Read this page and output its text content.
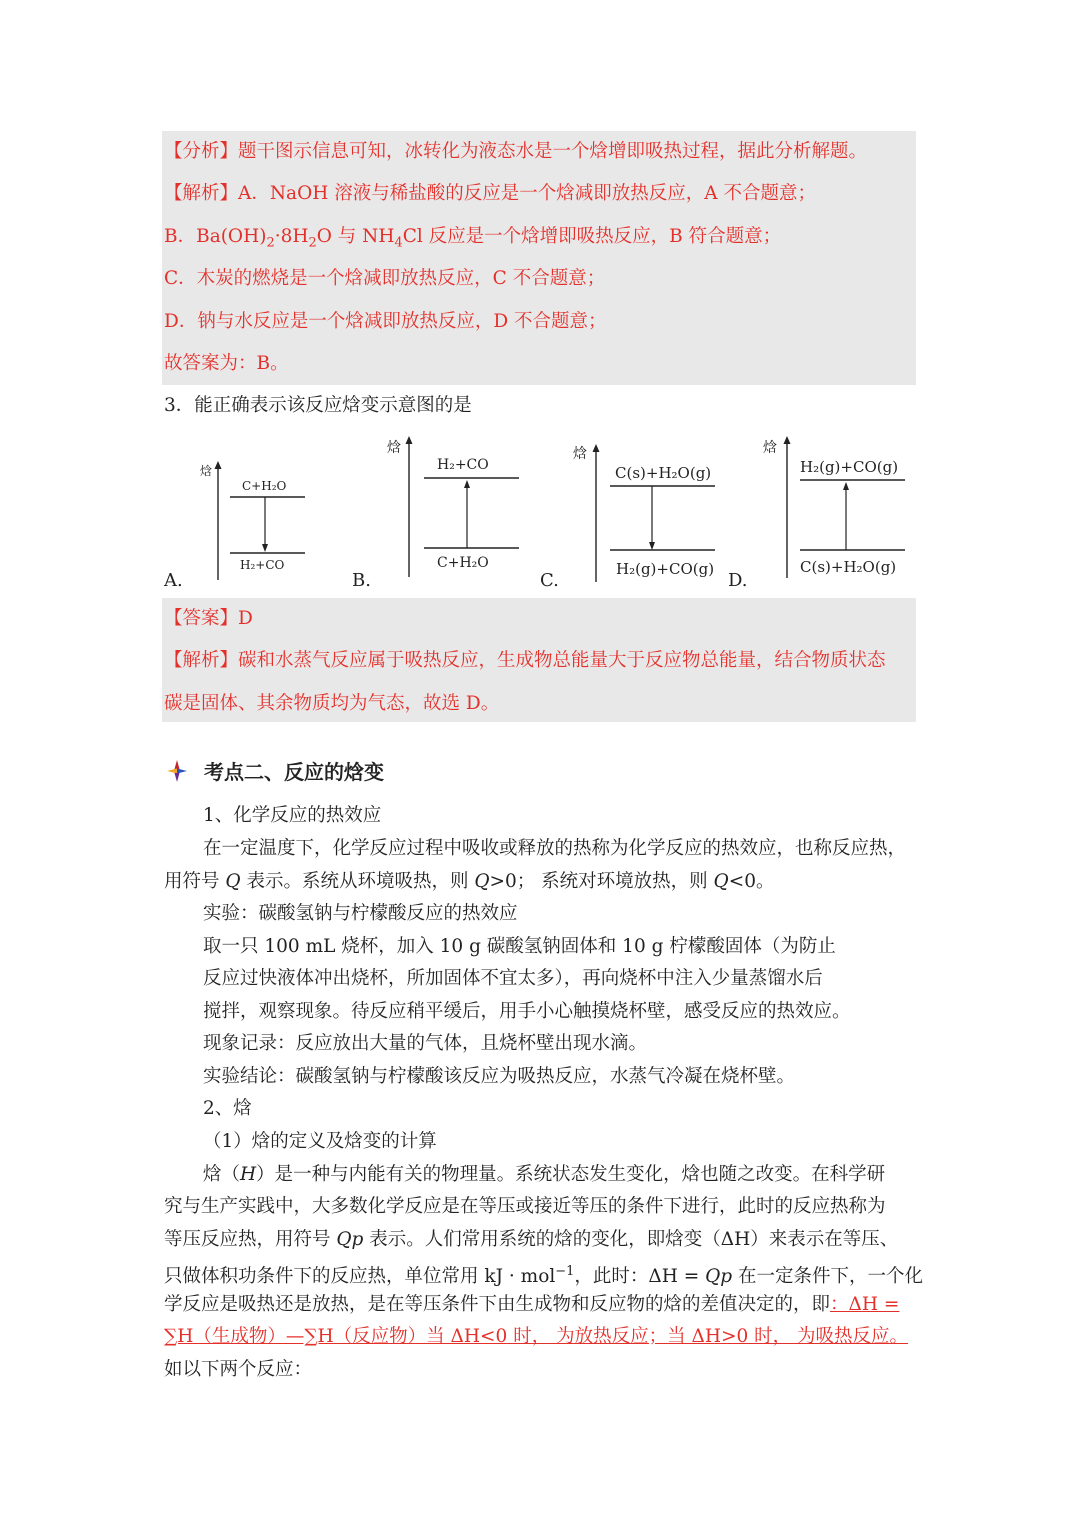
【分析】题干图示信息可知，冰转化为液态水是一个焓增即吸热过程，据此分析解题。
【解析】A．NaOH 溶液与稀盐酸的反应是一个焓减即放热反应，A 不合题意；
B．$Ba(OH)_2\cdot 8H_2O$ 与 $NH_4Cl$ 反应是一个焓增即吸热反应，B 符合题意；
C．木炭的燃烧是一个焓减即放热反应，C 不合题意；
D．钠与水反应是一个焓减即放热反应，D 不合题意；
故答案为：B。
3．能正确表示该反应焓变示意图的是
A.	B.	C.	D.
焓
C+H₂O
H₂+CO
焓
H₂+CO
C+H₂O
焓
C(s)+H₂O(g)
H₂(g)+CO(g)
焓
H₂(g)+CO(g)
C(s)+H₂O(g)
【答案】D
【解析】碳和水蒸气反应属于吸热反应，生成物总能量大于反应物总能量，结合物质状态
碳是固体、其余物质均为气态，故选 D。
考点二、反应的焓变
1、化学反应的热效应
在一定温度下，化学反应过程中吸收或释放的热称为化学反应的热效应，也称反应热，
用符号 Q 表示。系统从环境吸热，则 Q>0； 系统对环境放热，则 Q<0。
实验：碳酸氢钠与柠檬酸反应的热效应
取一只 100 mL 烧杯，加入 10 g 碳酸氢钠固体和 10 g 柠檬酸固体（为防止
反应过快液体冲出烧杯，所加固体不宜太多），再向烧杯中注入少量蒸馏水后
搅拌，观察现象。待反应稍平缓后，用手小心触摸烧杯壁，感受反应的热效应。
现象记录：反应放出大量的气体，且烧杯壁出现水滴。
实验结论：碳酸氢钠与柠檬酸该反应为吸热反应，水蒸气冷凝在烧杯壁。
2、焓
（1）焓的定义及焓变的计算
焓（H）是一种与内能有关的物理量。系统状态发生变化，焓也随之改变。在科学研
究与生产实践中，大多数化学反应是在等压或接近等压的条件下进行，此时的反应热称为
等压反应热，用符号 Qp 表示。人们常用系统的焓的变化，即焓变（ΔH）来表示在等压、
只做体积功条件下的反应热，单位常用 kJ · mol$^{-1}$，此时：ΔH = Qp 在一定条件下，一个化
学反应是吸热还是放热，是在等压条件下由生成物和反应物的焓的差值决定的，即：ΔH =
∑H（生成物）—∑H（反应物）当 ΔH<0 时， 为放热反应；当 ΔH>0 时， 为吸热反应。
如以下两个反应：
